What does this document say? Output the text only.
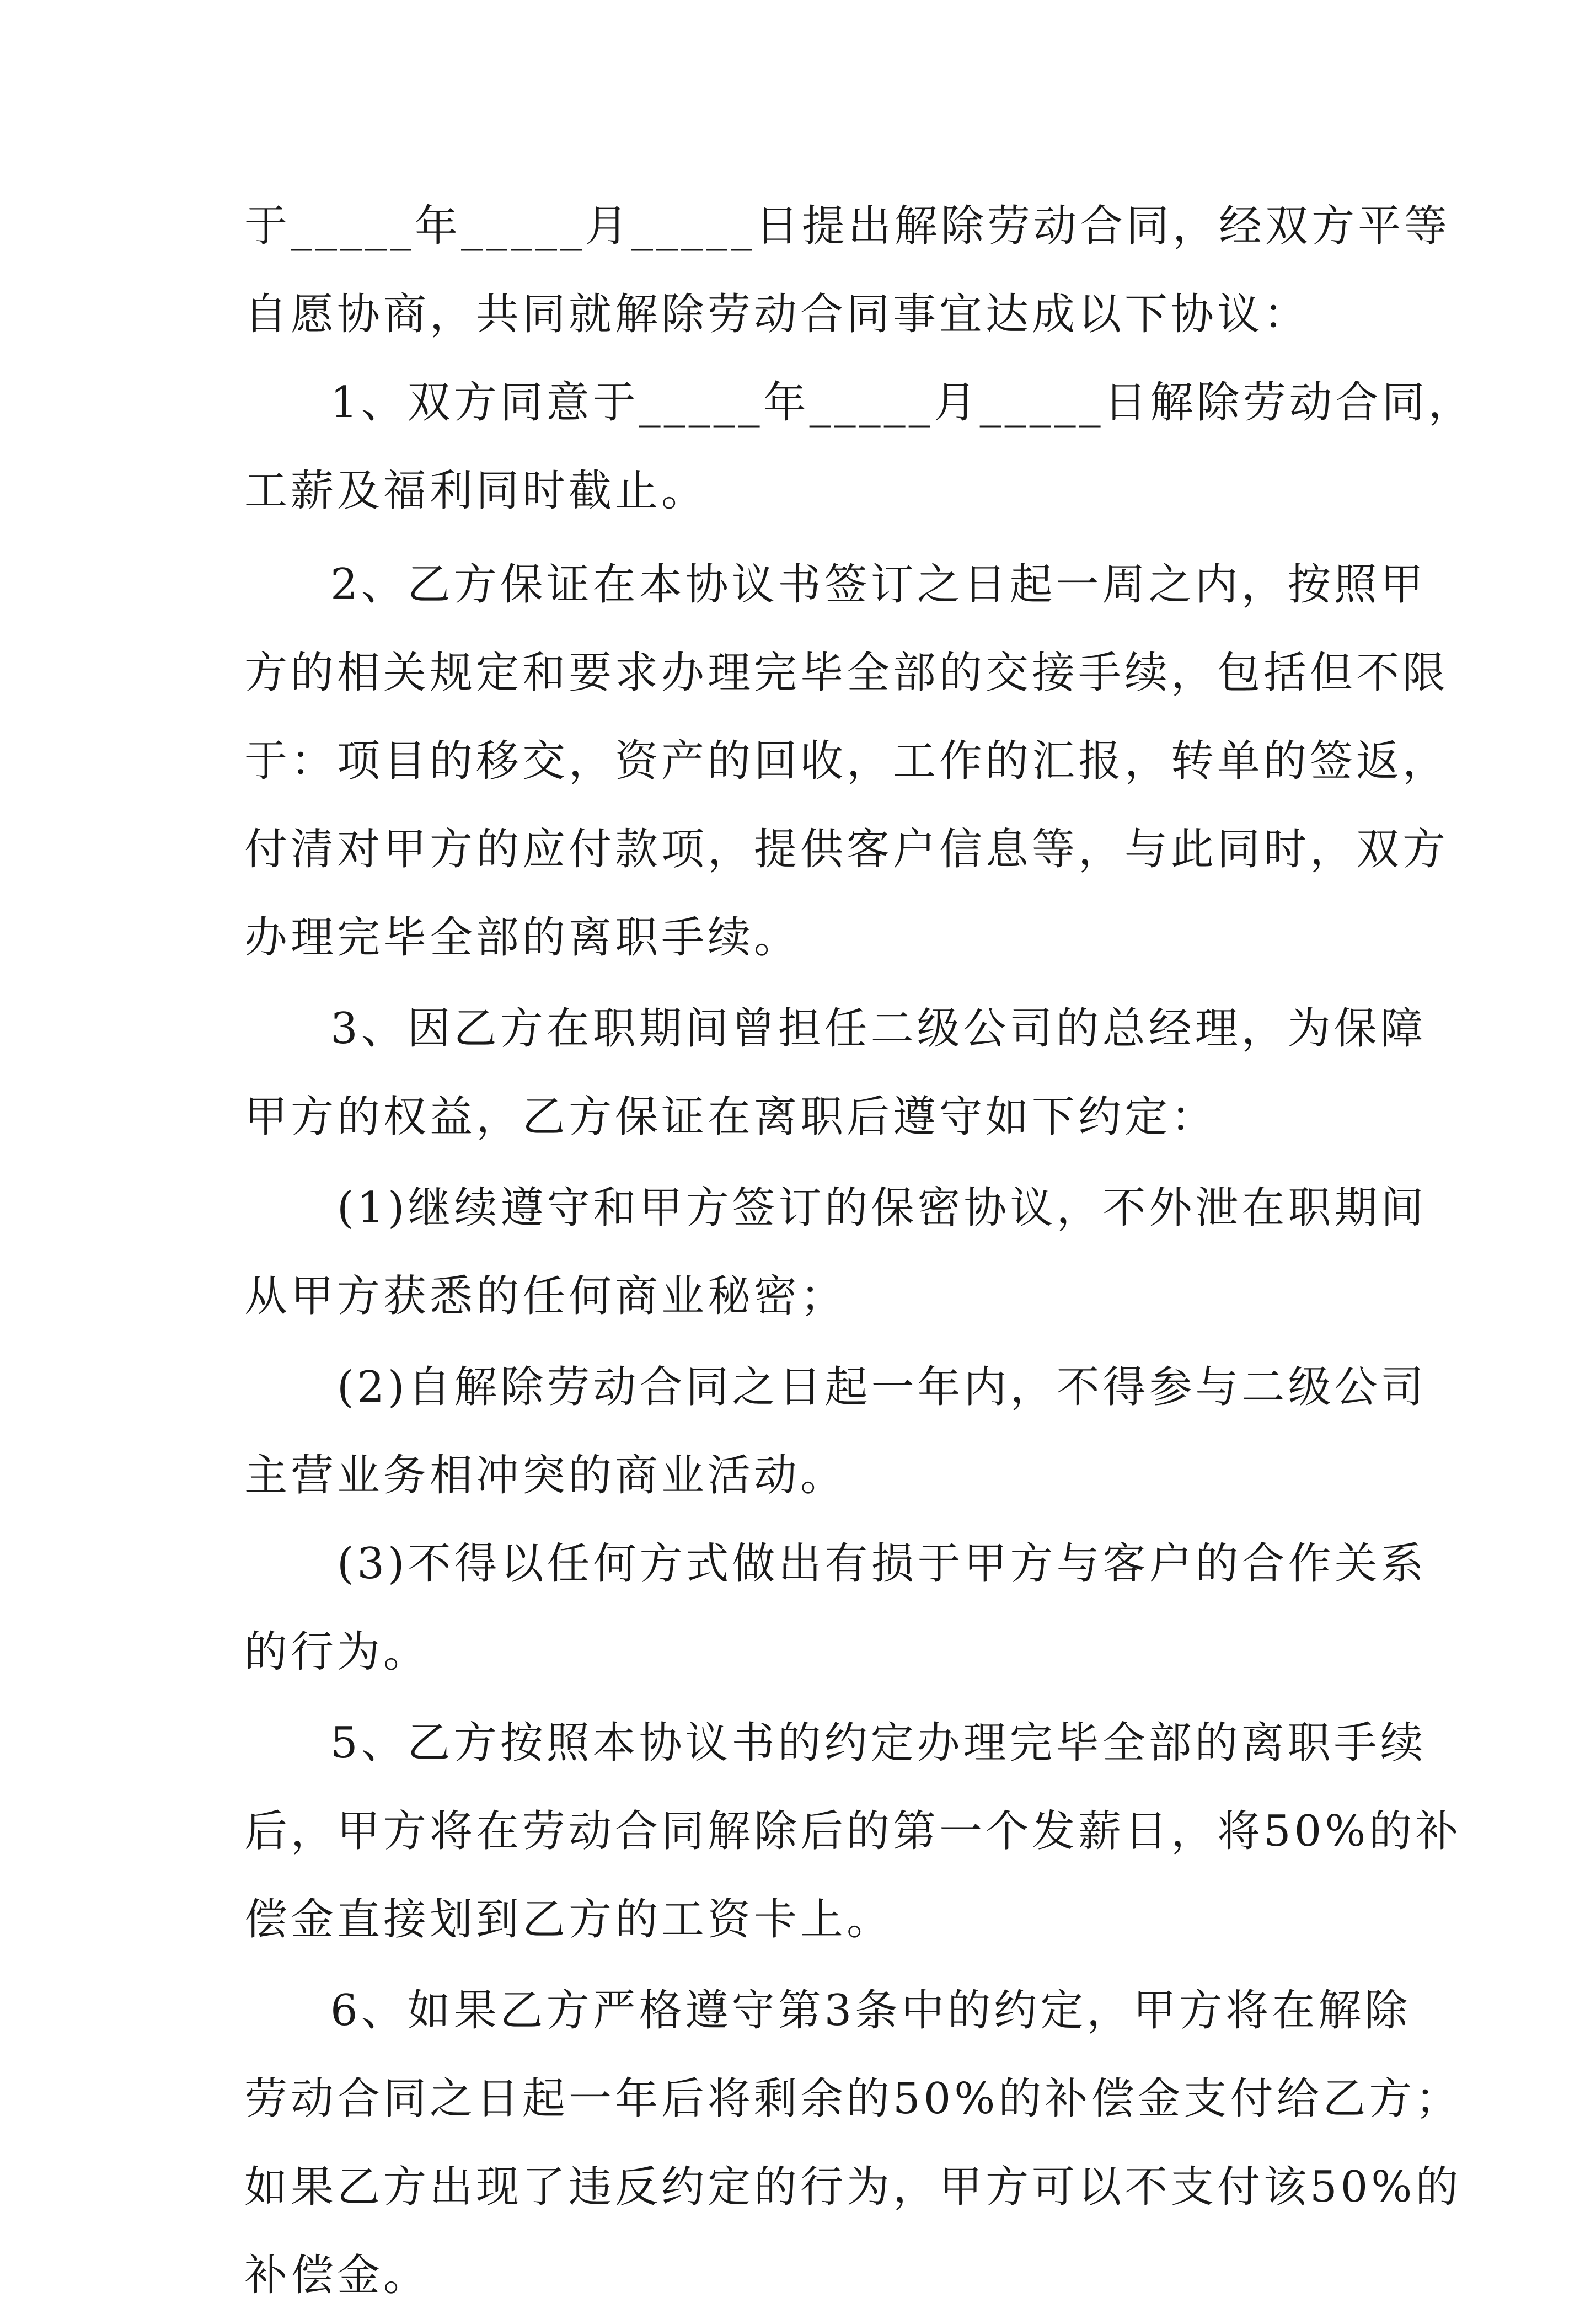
于_____年_____月_____日提出解除劳动合同，经双方平等
自愿协商，共同就解除劳动合同事宜达成以下协议：
1、双方同意于_____年_____月_____日解除劳动合同，
工薪及福利同时截止。
2、乙方保证在本协议书签订之日起一周之内，按照甲
方的相关规定和要求办理完毕全部的交接手续，包括但不限
于：项目的移交，资产的回收，工作的汇报，转单的签返，
付清对甲方的应付款项，提供客户信息等，与此同时，双方
办理完毕全部的离职手续。
3、因乙方在职期间曾担任二级公司的总经理，为保障
甲方的权益，乙方保证在离职后遵守如下约定：
(1)继续遵守和甲方签订的保密协议，不外泄在职期间
从甲方获悉的任何商业秘密；
(2)自解除劳动合同之日起一年内，不得参与二级公司
主营业务相冲突的商业活动。
(3)不得以任何方式做出有损于甲方与客户的合作关系
的行为。
5、乙方按照本协议书的约定办理完毕全部的离职手续
后，甲方将在劳动合同解除后的第一个发薪日，将50%的补
偿金直接划到乙方的工资卡上。
6、如果乙方严格遵守第3条中的约定，甲方将在解除
劳动合同之日起一年后将剩余的50%的补偿金支付给乙方；
如果乙方出现了违反约定的行为，甲方可以不支付该50%的
补偿金。
